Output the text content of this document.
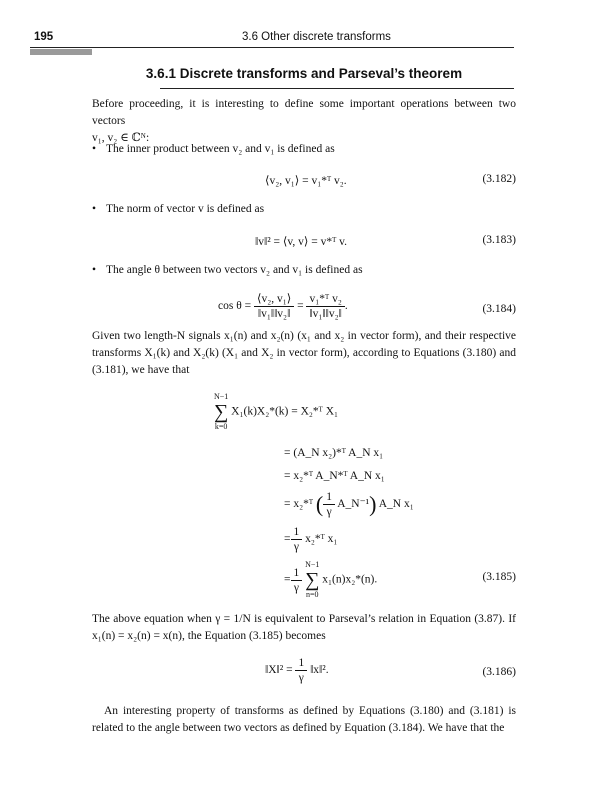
195	3.6 Other discrete transforms
3.6.1 Discrete transforms and Parseval’s theorem
Before proceeding, it is interesting to define some important operations between two vectors
v₁, v₂ ∈ ℂᴺ:
• The inner product between v₂ and v₁ is defined as
⟨v₂, v₁⟩ = v₁*ᵀ v₂.	(3.182)
• The norm of vector v is defined as
‖v‖² = ⟨v, v⟩ = v*ᵀ v.	(3.183)
• The angle θ between two vectors v₂ and v₁ is defined as
$\cos \theta = \frac{\text{⟨v₂, v₁⟩}}{\text{‖v₁‖‖v₂‖}} = \frac{\text{v₁*ᵀ v₂}}{\text{‖v₁‖‖v₂‖}}$ .	(3.184)
Given two length-N signals x₁(n) and x₂(n) (x₁ and x₂ in vector form), and their respective transforms X₁(k) and X₂(k) (X₁ and X₂ in vector form), according to Equations (3.180) and (3.181), we have that
N−1
∑
k=0
X₁(k)X₂*(k) = X₂*ᵀ X₁
= (A_N x₂)*ᵀ A_N x₁
= x₂*ᵀ A_N*ᵀ A_N x₁
= x₂*ᵀ ( $\frac{1}{\gamma}$ A_N⁻¹) A_N x₁
= $\frac{1}{\gamma}$ x₂*ᵀ x₁
= $\frac{1}{\gamma}$

N−1
∑
n=0
x₁(n)x₂*(n).	(3.185)
The above equation when γ = 1/N is equivalent to Parseval’s relation in Equation (3.87). If x₁(n) = x₂(n) = x(n), the Equation (3.185) becomes
‖X‖² = $\frac{1}{\gamma}$ ‖x‖².	(3.186)
An interesting property of transforms as defined by Equations (3.180) and (3.181) is related to the angle between two vectors as defined by Equation (3.184). We have that the
